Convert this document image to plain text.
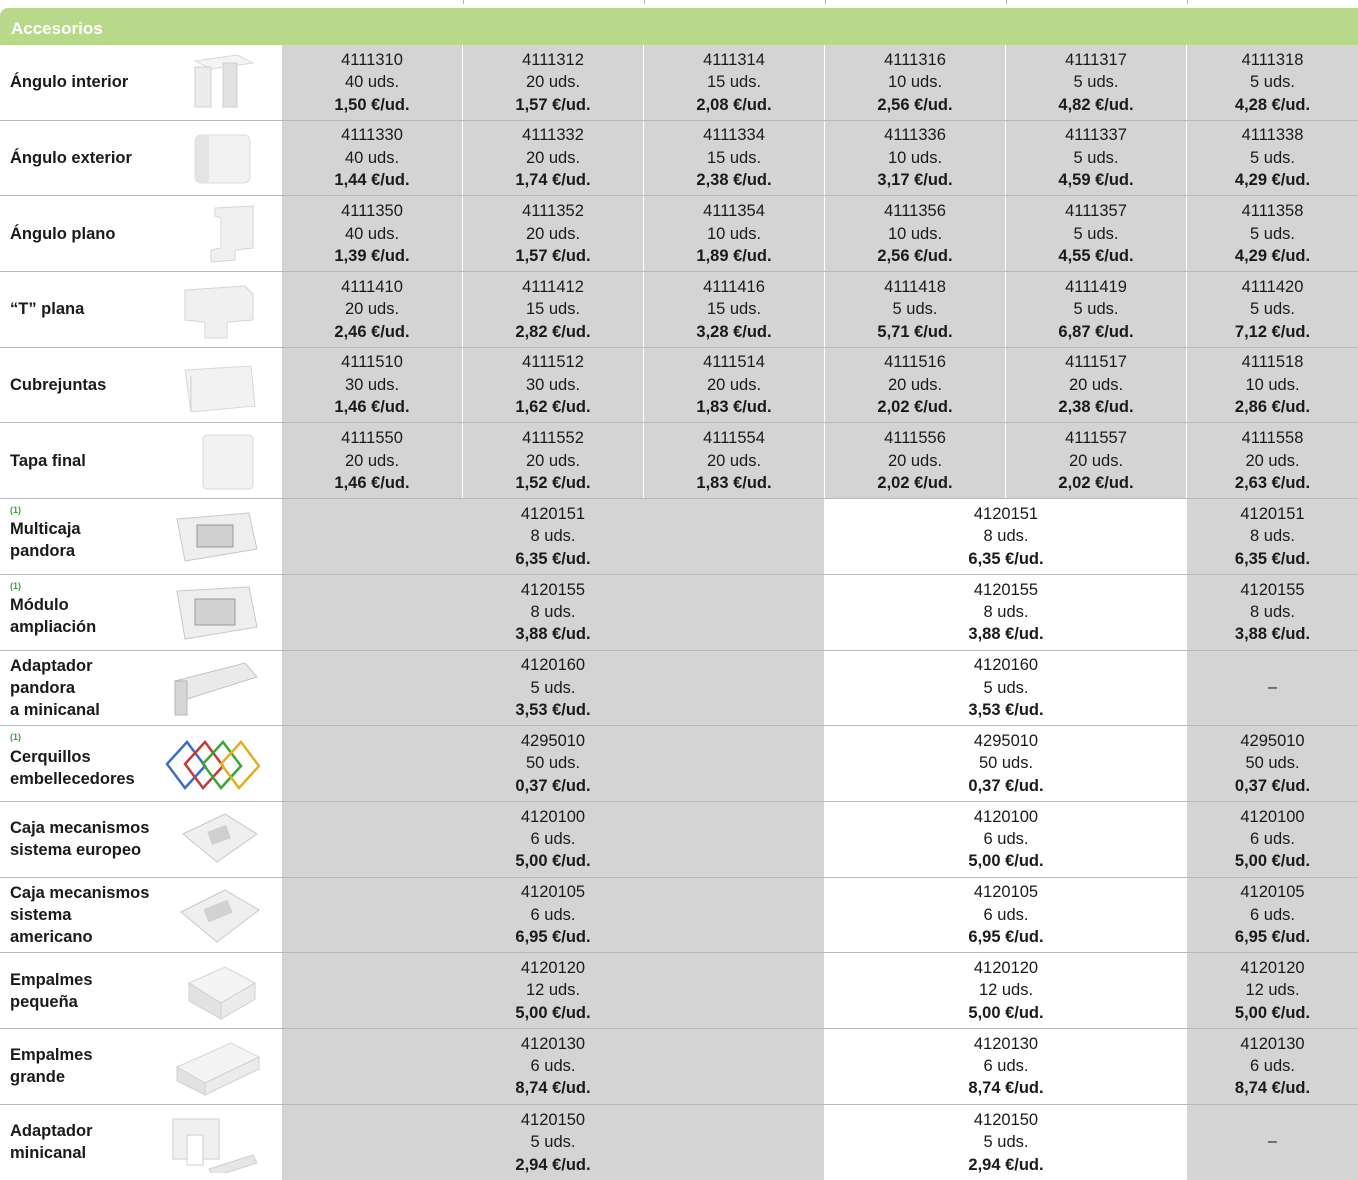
Accesorios
Ángulo interior
4111310
40 uds.
1,50 €/ud.
4111312
20 uds.
1,57 €/ud.
4111314
15 uds.
2,08 €/ud.
4111316
10 uds.
2,56 €/ud.
4111317
5 uds.
4,82 €/ud.
4111318
5 uds.
4,28 €/ud.
Ángulo exterior
4111330
40 uds.
1,44 €/ud.
4111332
20 uds.
1,74 €/ud.
4111334
15 uds.
2,38 €/ud.
4111336
10 uds.
3,17 €/ud.
4111337
5 uds.
4,59 €/ud.
4111338
5 uds.
4,29 €/ud.
Ángulo plano
4111350
40 uds.
1,39 €/ud.
4111352
20 uds.
1,57 €/ud.
4111354
10 uds.
1,89 €/ud.
4111356
10 uds.
2,56 €/ud.
4111357
5 uds.
4,55 €/ud.
4111358
5 uds.
4,29 €/ud.
“T” plana
4111410
20 uds.
2,46 €/ud.
4111412
15 uds.
2,82 €/ud.
4111416
15 uds.
3,28 €/ud.
4111418
5 uds.
5,71 €/ud.
4111419
5 uds.
6,87 €/ud.
4111420
5 uds.
7,12 €/ud.
Cubrejuntas
4111510
30 uds.
1,46 €/ud.
4111512
30 uds.
1,62 €/ud.
4111514
20 uds.
1,83 €/ud.
4111516
20 uds.
2,02 €/ud.
4111517
20 uds.
2,38 €/ud.
4111518
10 uds.
2,86 €/ud.
Tapa final
4111550
20 uds.
1,46 €/ud.
4111552
20 uds.
1,52 €/ud.
4111554
20 uds.
1,83 €/ud.
4111556
20 uds.
2,02 €/ud.
4111557
20 uds.
2,02 €/ud.
4111558
20 uds.
2,63 €/ud.
(1)
Multicaja
pandora
4120151
8 uds.
6,35 €/ud.
4120151
8 uds.
6,35 €/ud.
4120151
8 uds.
6,35 €/ud.
(1)
Módulo
ampliación
4120155
8 uds.
3,88 €/ud.
4120155
8 uds.
3,88 €/ud.
4120155
8 uds.
3,88 €/ud.
Adaptador
pandora
a minicanal
4120160
5 uds.
3,53 €/ud.
4120160
5 uds.
3,53 €/ud.
–
(1)
Cerquillos
embellecedores
4295010
50 uds.
0,37 €/ud.
4295010
50 uds.
0,37 €/ud.
4295010
50 uds.
0,37 €/ud.
Caja mecanismos
sistema europeo
4120100
6 uds.
5,00 €/ud.
4120100
6 uds.
5,00 €/ud.
4120100
6 uds.
5,00 €/ud.
Caja mecanismos
sistema
americano
4120105
6 uds.
6,95 €/ud.
4120105
6 uds.
6,95 €/ud.
4120105
6 uds.
6,95 €/ud.
Empalmes
pequeña
4120120
12 uds.
5,00 €/ud.
4120120
12 uds.
5,00 €/ud.
4120120
12 uds.
5,00 €/ud.
Empalmes
grande
4120130
6 uds.
8,74 €/ud.
4120130
6 uds.
8,74 €/ud.
4120130
6 uds.
8,74 €/ud.
Adaptador
minicanal
4120150
5 uds.
2,94 €/ud.
4120150
5 uds.
2,94 €/ud.
–
